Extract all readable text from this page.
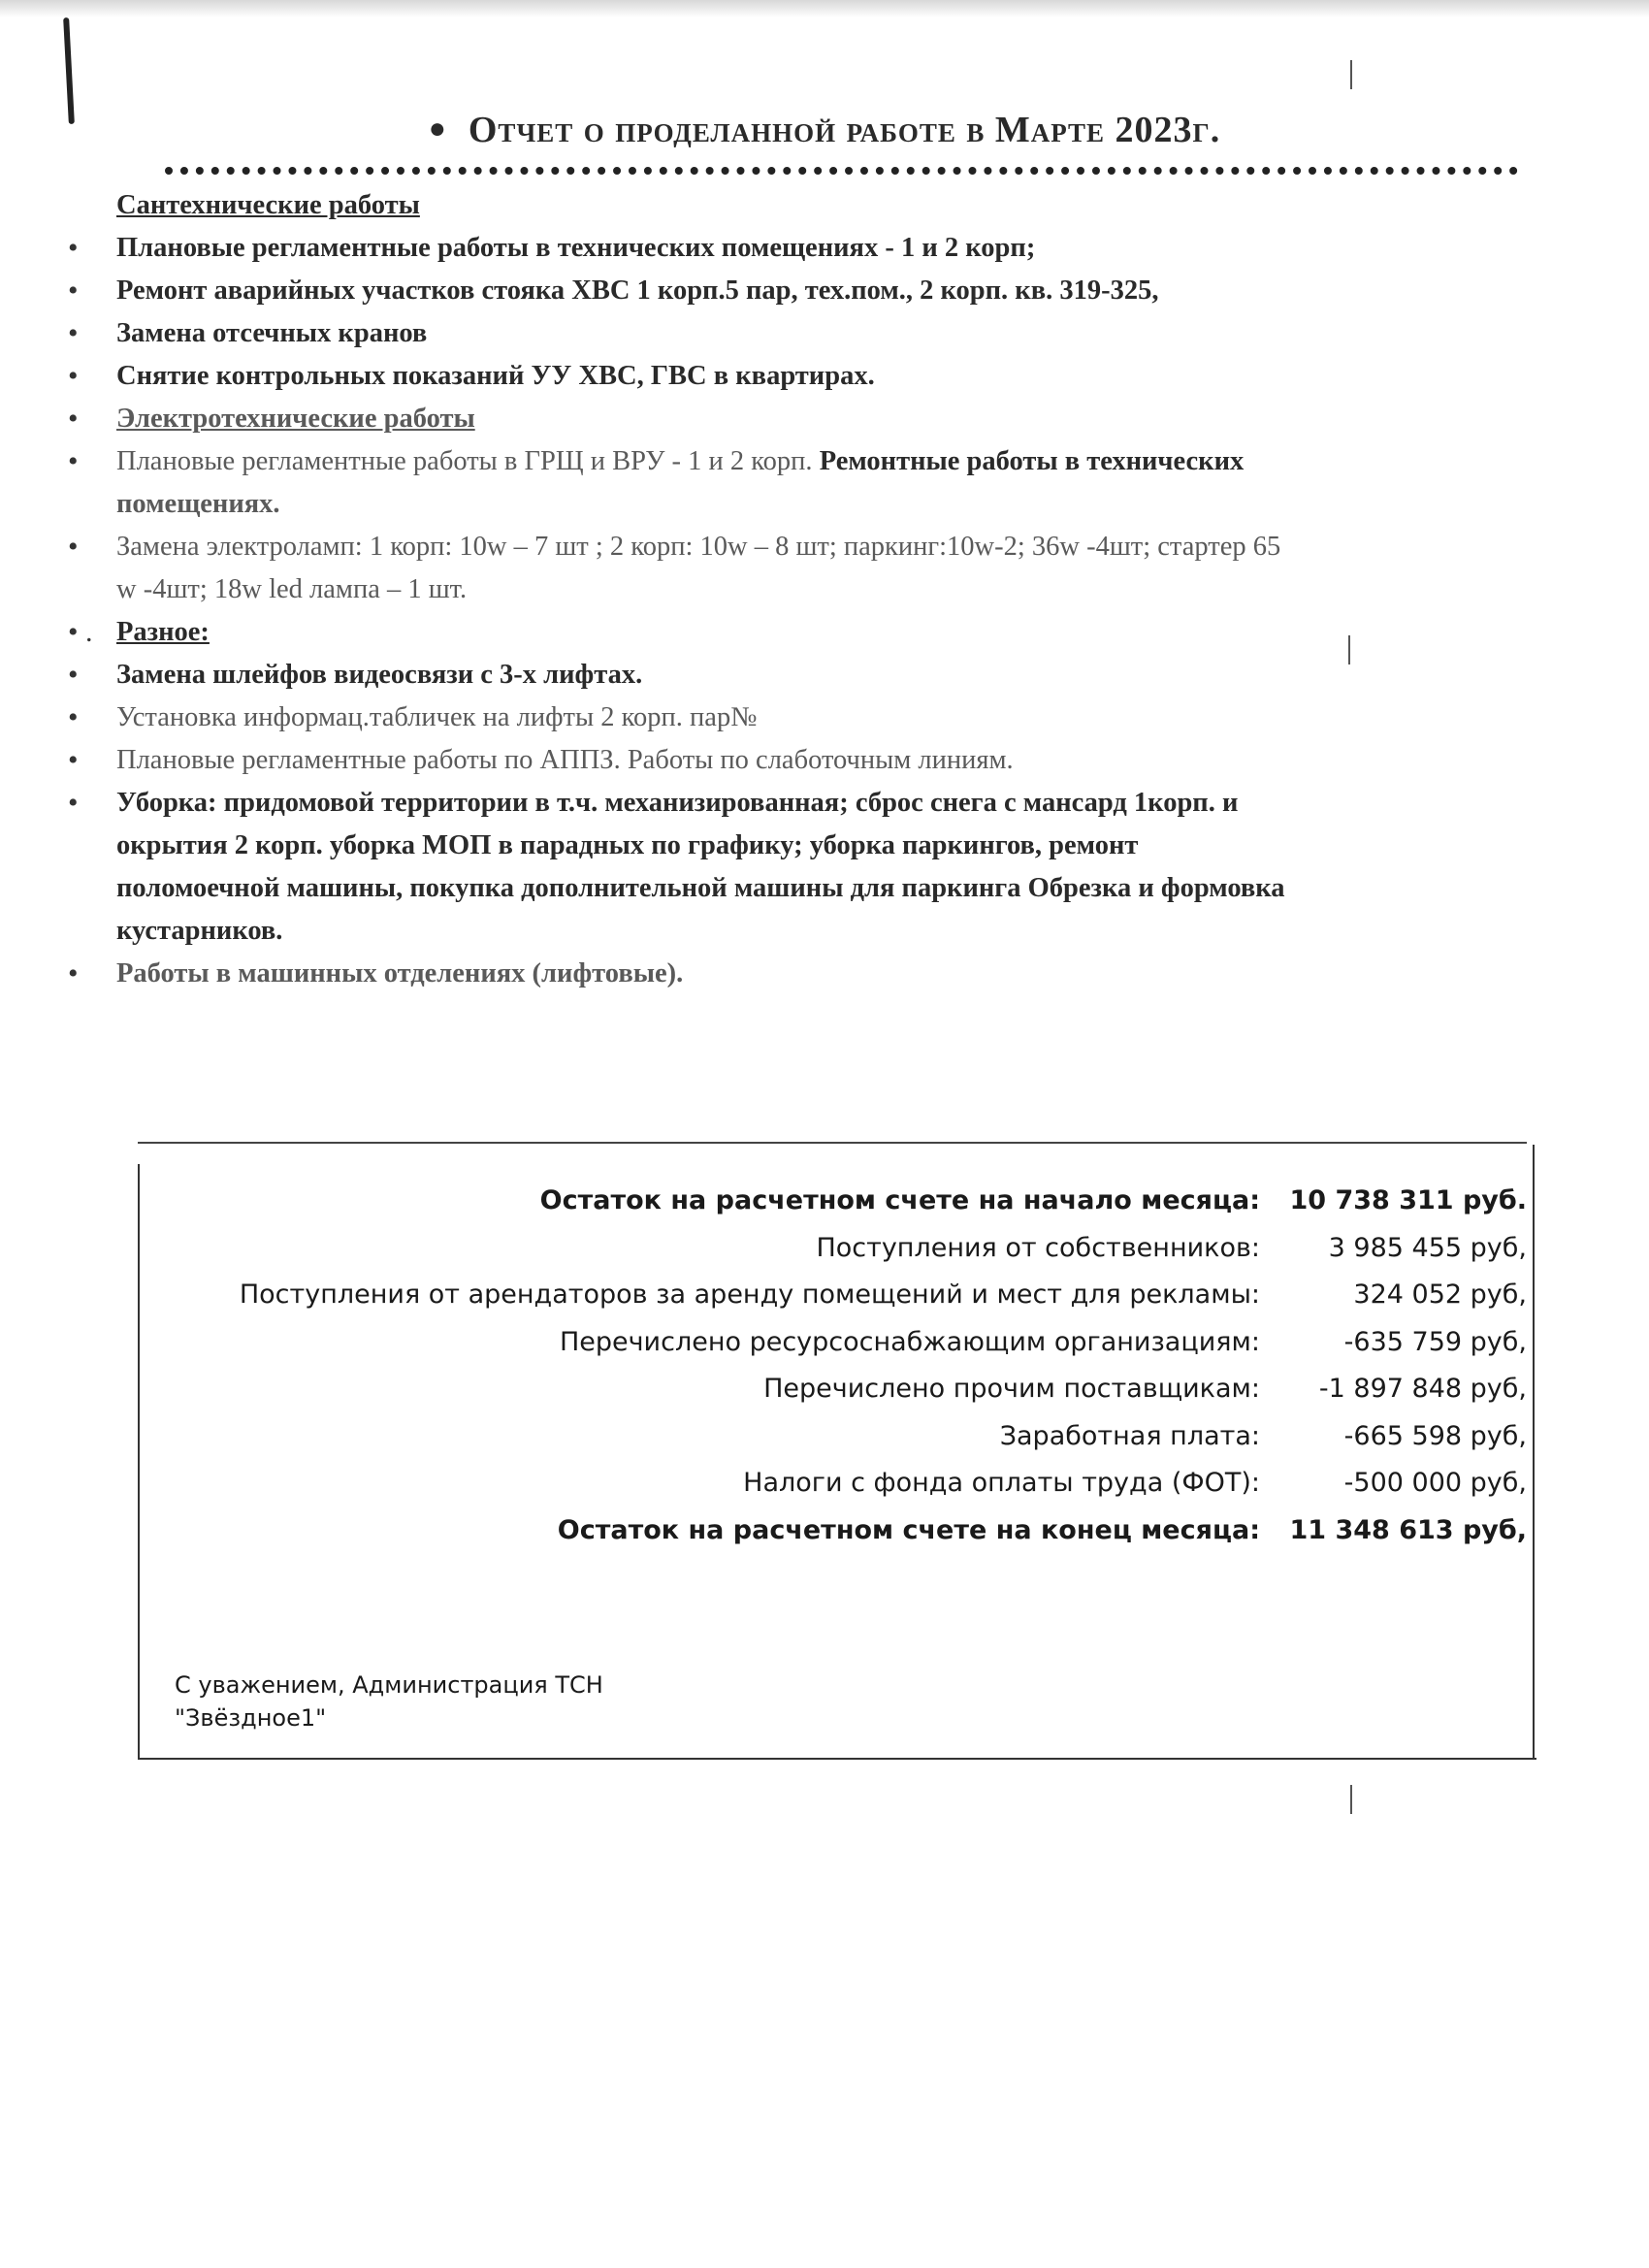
● Отчет о проделанной работе в Марте 2023г.
Сантехнические работы
• Плановые регламентные работы в технических помещениях - 1 и 2 корп;
• Ремонт аварийных участков стояка ХВС 1 корп.5 пар, тех.пом., 2 корп. кв. 319-325,
• Замена отсечных кранов
• Снятие контрольных показаний УУ ХВС, ГВС в квартирах.
• Электротехнические работы
• Плановые регламентные работы в ГРЩ и ВРУ - 1 и 2 корп. Ремонтные работы в технических
помещениях.
• Замена электроламп: 1 корп: 10w – 7 шт ; 2 корп: 10w – 8 шт; паркинг:10w-2; 36w -4шт; стартер 65
w -4шт; 18w led лампа – 1 шт.
• . Разное:
• Замена шлейфов видеосвязи с 3-х лифтах.
• Установка информац.табличек на лифты 2 корп. пар№
• Плановые регламентные работы по АППЗ. Работы по слаботочным линиям.
• Уборка: придомовой территории в т.ч. механизированная; сброс снега с мансард 1корп. и
окрытия 2 корп. уборка МОП в парадных по графику; уборка паркингов, ремонт
поломоечной машины, покупка дополнительной машины для паркинга Обрезка и формовка
кустарников.
• Работы в машинных отделениях (лифтовые).
Остаток на расчетном счете на начало месяца:	10 738 311 руб.
Поступления от собственников:	3 985 455 руб,
Поступления от арендаторов за аренду помещений и мест для рекламы:	324 052 руб,
Перечислено ресурсоснабжающим организациям:	-635 759 руб,
Перечислено прочим поставщикам:	-1 897 848 руб,
Заработная плата:	-665 598 руб,
Налоги с фонда оплаты труда (ФОТ):	-500 000 руб,
Остаток на расчетном счете на конец месяца:	11 348 613 руб,
С уважением, Администрация ТСН
"Звёздное1"
